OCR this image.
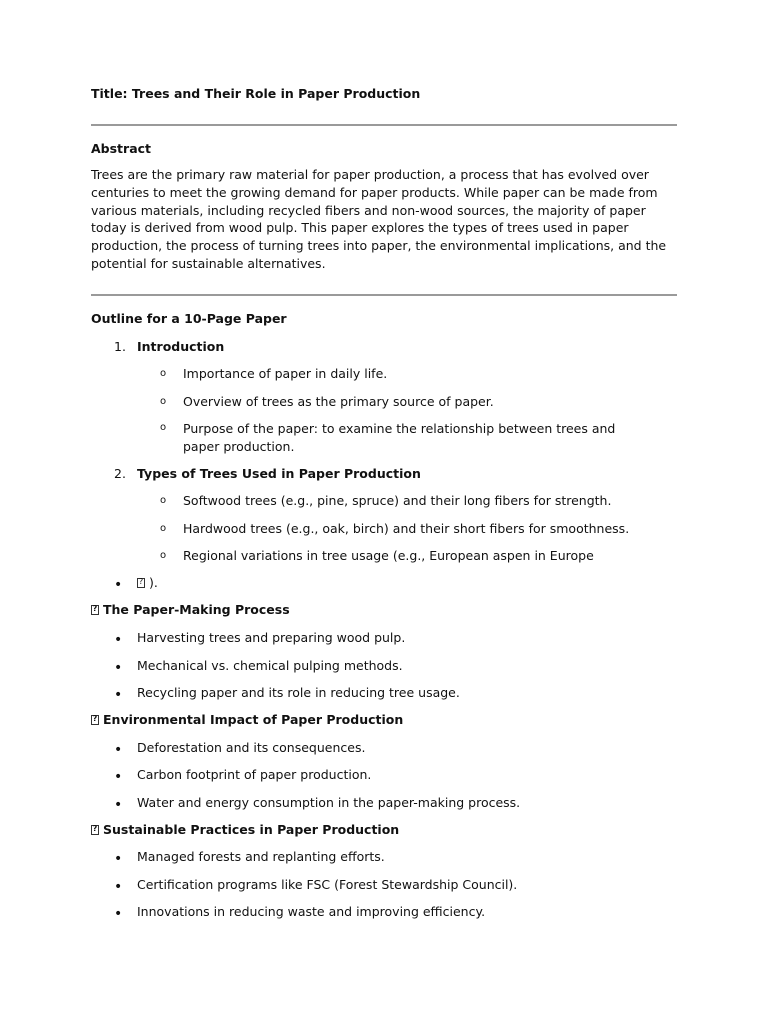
Title: Trees and Their Role in Paper Production
Abstract
Trees are the primary raw material for paper production, a process that has evolved over centuries to meet the growing demand for paper products. While paper can be made from various materials, including recycled fibers and non-wood sources, the majority of paper today is derived from wood pulp. This paper explores the types of trees used in paper production, the process of turning trees into paper, the environmental implications, and the potential for sustainable alternatives.
Outline for a 10-Page Paper
1. Introduction
o Importance of paper in daily life.
o Overview of trees as the primary source of paper.
o Purpose of the paper: to examine the relationship between trees and paper production.
2. Types of Trees Used in Paper Production
o Softwood trees (e.g., pine, spruce) and their long fibers for strength.
o Hardwood trees (e.g., oak, birch) and their short fibers for smoothness.
o Regional variations in tree usage (e.g., European aspen in Europe
•
?	).
?The Paper-Making Process
• Harvesting trees and preparing wood pulp.
• Mechanical vs. chemical pulping methods.
• Recycling paper and its role in reducing tree usage.
?Environmental Impact of Paper Production
• Deforestation and its consequences.
• Carbon footprint of paper production.
• Water and energy consumption in the paper-making process.
?Sustainable Practices in Paper Production
• Managed forests and replanting efforts.
• Certification programs like FSC (Forest Stewardship Council).
• Innovations in reducing waste and improving efficiency.
